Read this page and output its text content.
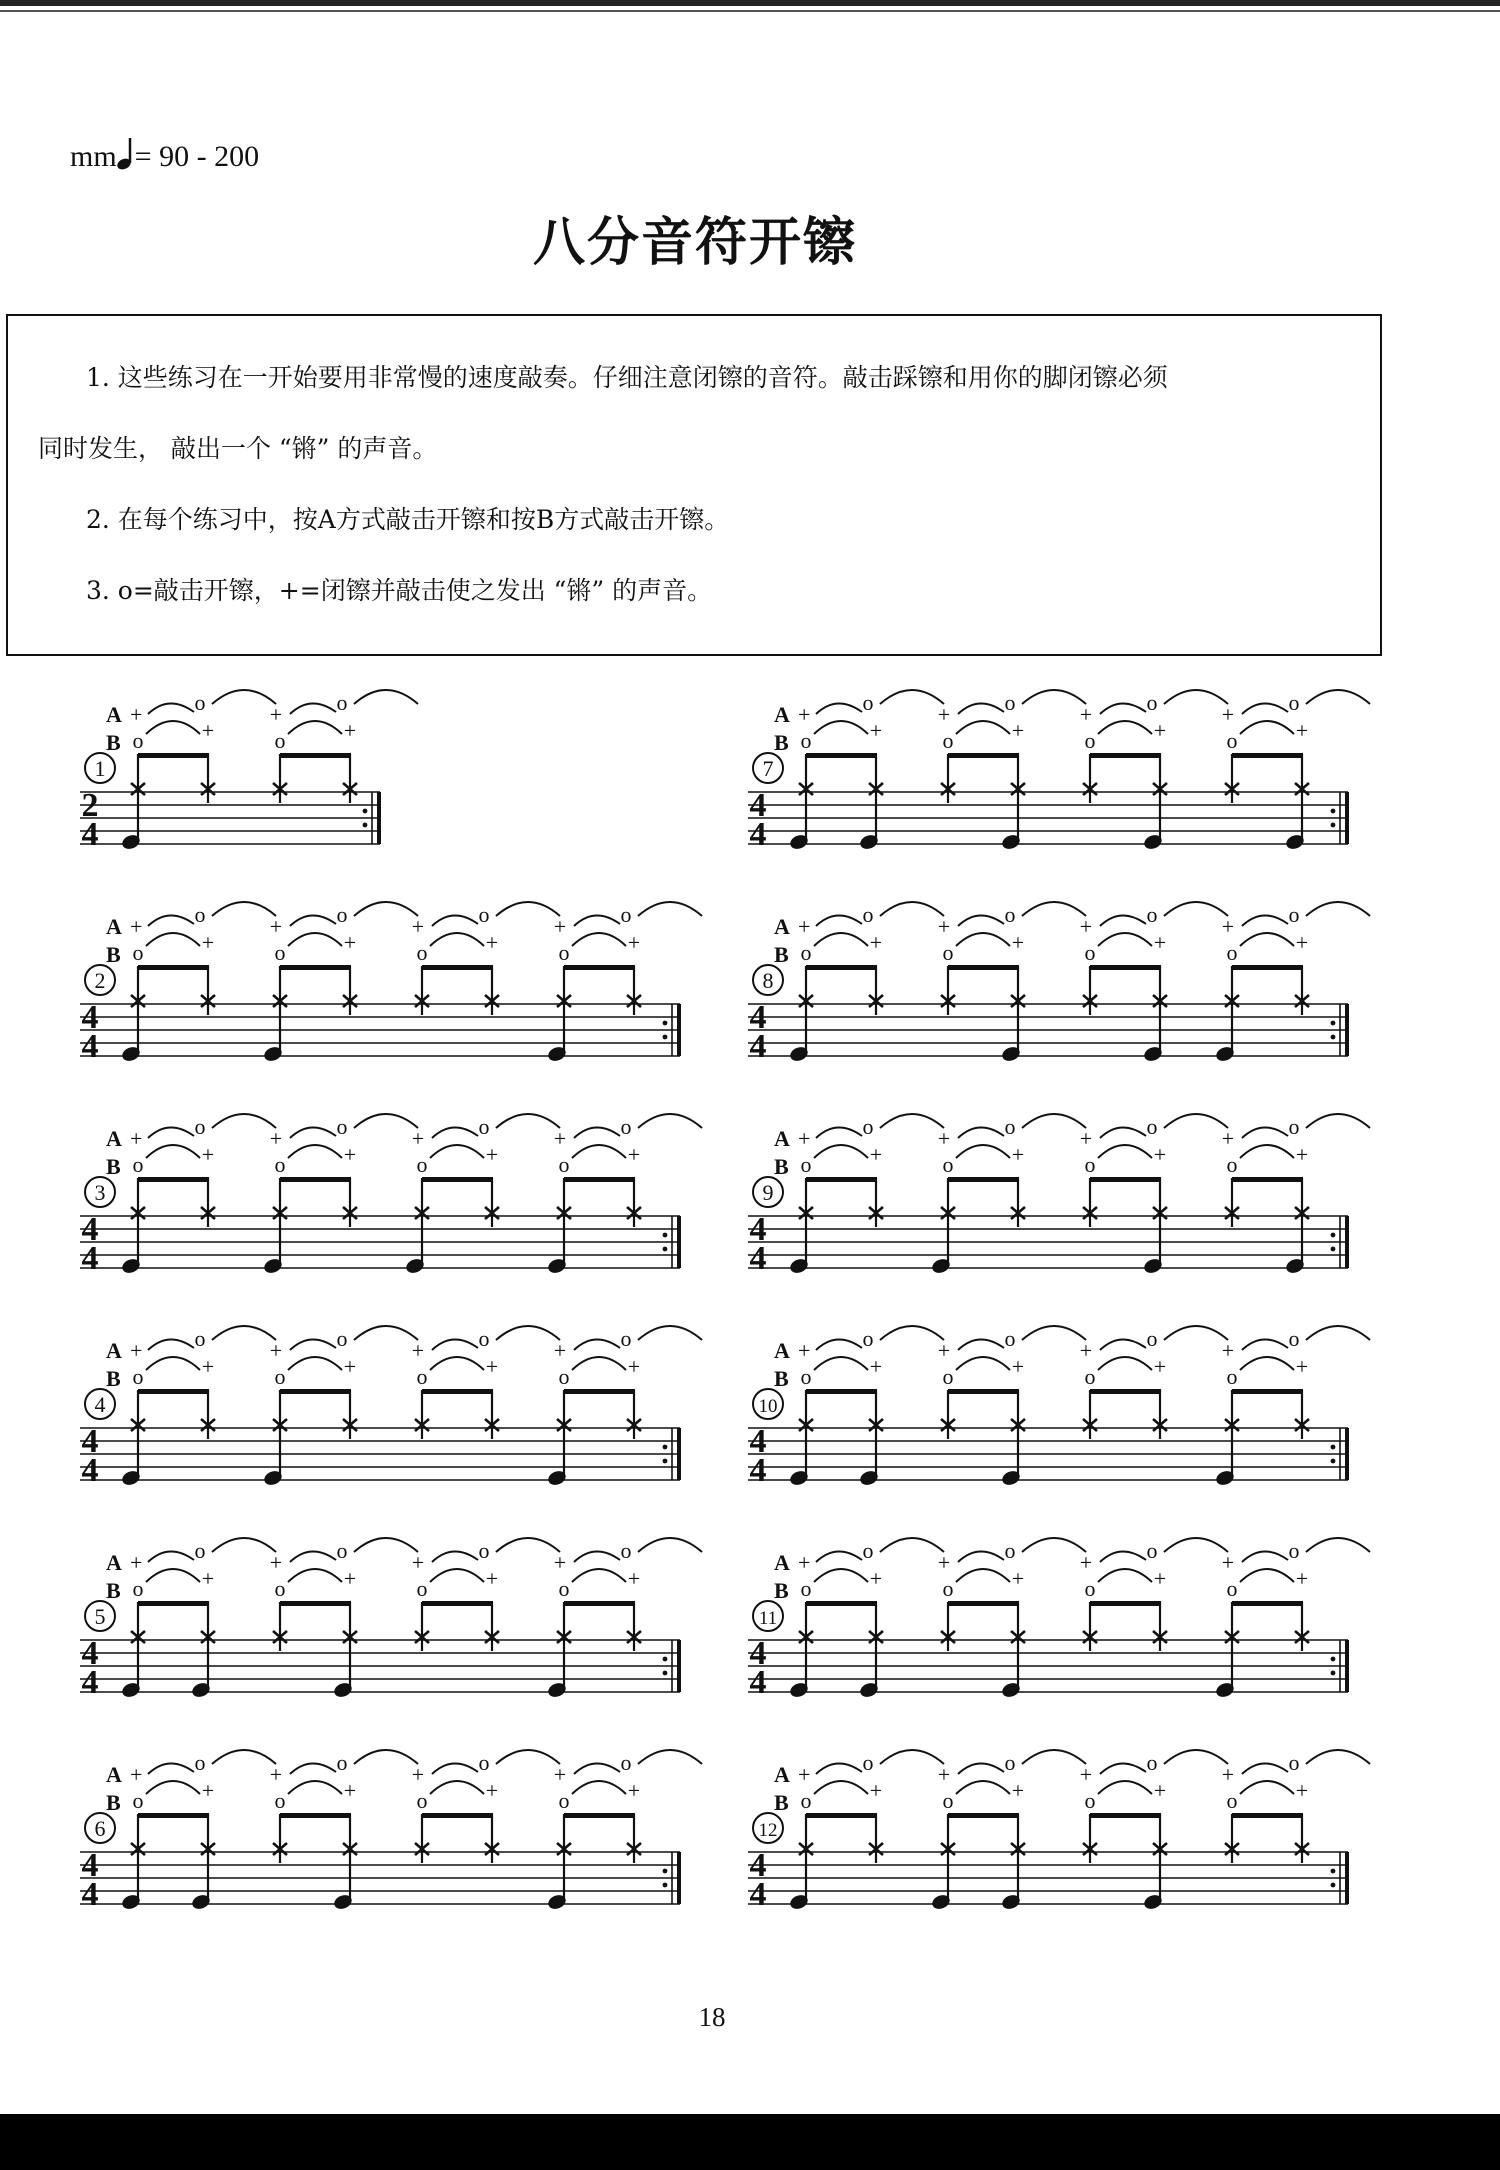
mm = 90 - 200
八分音符开镲

1. 这些练习在一开始要用非常慢的速度敲奏。仔细注意闭镲的音符。敲击踩镲和用你的脚闭镲必须

同时发生， 敲出一个 “锵” 的声音。

2. 在每个练习中，按A方式敲击开镲和按B方式敲击开镲。

3. o=敲击开镲，+=闭镲并敲击使之发出 “锵” 的声音。

A +
B
1
2
4
o
o
+
+
o
o
+
A +
B
2
4
4
o
o
+
+
o
o
+
+
o
o
+
+
o
o
+
A +
B
3
4
4
o
o
+
+
o
o
+
+
o
o
+
+
o
o
+
A +
B
4
4
4
o
o
+
+
o
o
+
+
o
o
+
+
o
o
+
A +
B
5
4
4
o
o
+
+
o
o
+
+
o
o
+
+
o
o
+
A +
B
6
4
4
o
o
+
+
o
o
+
+
o
o
+
+
o
o
+
A +
B
7
4
4
o
o
+
+
o
o
+
+
o
o
+
+
o
o
+
A +
B
8
4
4
o
o
+
+
o
o
+
+
o
o
+
+
o
o
+
A +
B
9
4
4
o
o
+
+
o
o
+
+
o
o
+
+
o
o
+
A +
B
10
4
4
o
o
+
+
o
o
+
+
o
o
+
+
o
o
+
A +
B
11
4
4
o
o
+
+
o
o
+
+
o
o
+
+
o
o
+
A +
B
12
4
4
o
o
+
+
o
o
+
+
o
o
+
+
o
o
+
18
